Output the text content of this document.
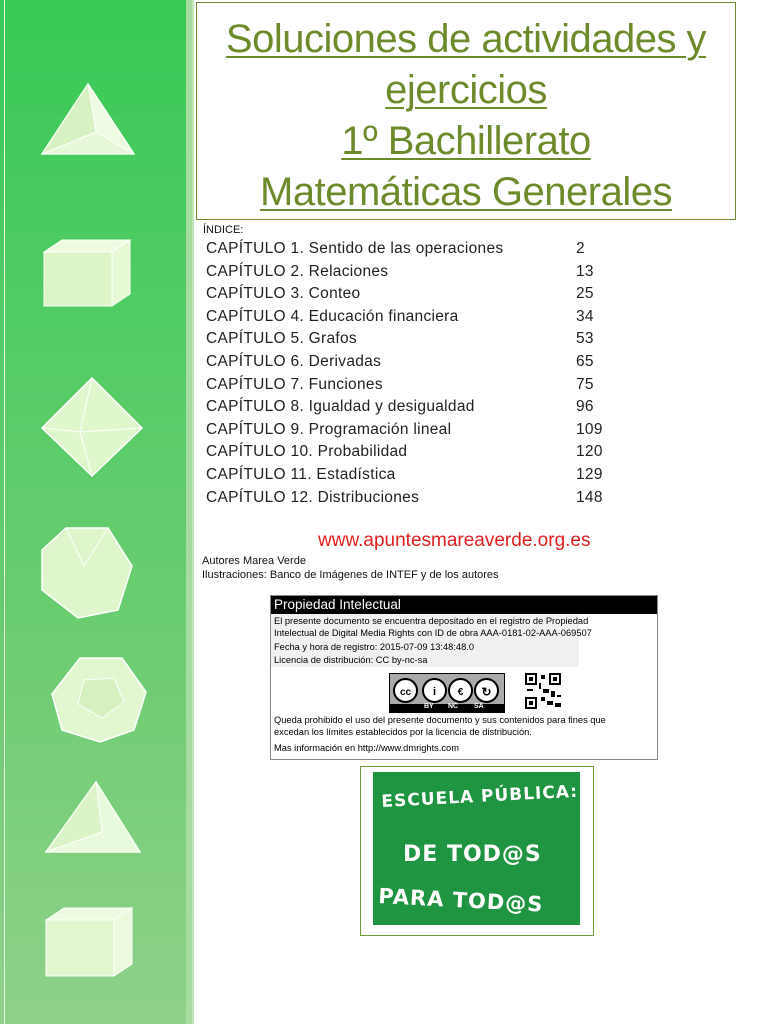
Soluciones de actividades y
ejercicios
1º Bachillerato
Matemáticas Generales
ÍNDICE:
CAPÍTULO 1. Sentido de las operaciones	2
CAPÍTULO 2. Relaciones	13
CAPÍTULO 3. Conteo	25
CAPÍTULO 4. Educación financiera	34
CAPÍTULO 5. Grafos	53
CAPÍTULO 6. Derivadas	65
CAPÍTULO 7. Funciones	75
CAPÍTULO 8. Igualdad y desigualdad	96
CAPÍTULO 9. Programación lineal	109
CAPÍTULO 10. Probabilidad	120
CAPÍTULO 11. Estadística	129
CAPÍTULO 12. Distribuciones	148
www.apuntesmareaverde.org.es
Autores Marea Verde
Ilustraciones: Banco de Imágenes de INTEF y de los autores
Propiedad Intelectual
El presente documento se encuentra depositado en el registro de Propiedad
Intelectual de Digital Media Rights con ID de obra AAA-0181-02-AAA-069507
Fecha y hora de registro: 2015-07-09 13:48:48.0
Licencia de distribución: CC by-nc-sa
cc	i	€	↻
BY NC SA
Queda prohibido el uso del presente documento y sus contenidos para fines que
excedan los límites establecidos por la licencia de distribución.
Mas información en http://www.dmrights.com
ESCUELA PÚBLICA:
DE TOD@S
PARA TOD@S
